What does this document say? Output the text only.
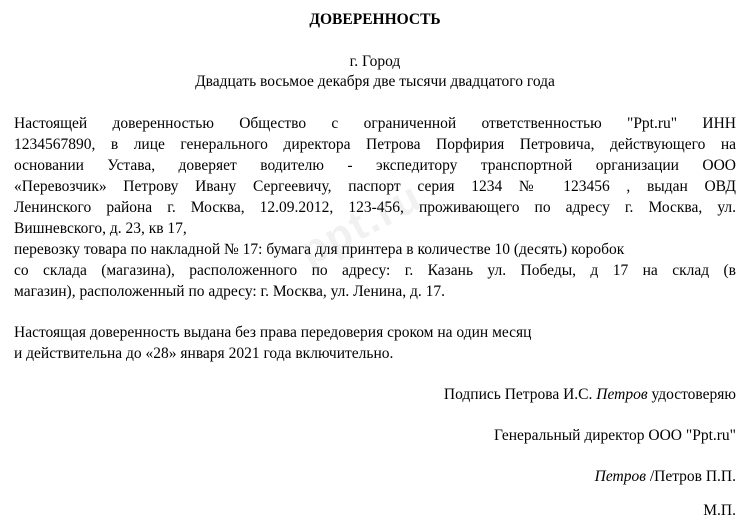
ppt.ru
ДОВЕРЕННОСТЬ
г. Город
Двадцать восьмое декабря две тысячи двадцатого года
Настоящей доверенностью Общество с ограниченной ответственностью "Ppt.ru" ИНН
1234567890, в лице генерального директора Петрова Порфирия Петровича, действующего на
основании Устава, доверяет водителю - экспедитору транспортной организации ООО
«Перевозчик» Петрову Ивану Сергеевичу, паспорт серия 1234 № 123456 , выдан ОВД
Ленинского района г. Москва, 12.09.2012, 123-456, проживающего по адресу г. Москва, ул.
Вишневского, д. 23, кв 17,
перевозку товара по накладной № 17: бумага для принтера в количестве 10 (десять) коробок
со склада (магазина), расположенного по адресу: г. Казань ул. Победы, д 17 на склад (в
магазин), расположенный по адресу: г. Москва, ул. Ленина, д. 17.
Настоящая доверенность выдана без права передоверия сроком на один месяц
и действительна до «28» января 2021 года включительно.
Подпись Петрова И.С. Петров удостоверяю
Генеральный директор ООО "Ppt.ru"
Петров /Петров П.П.
М.П.
